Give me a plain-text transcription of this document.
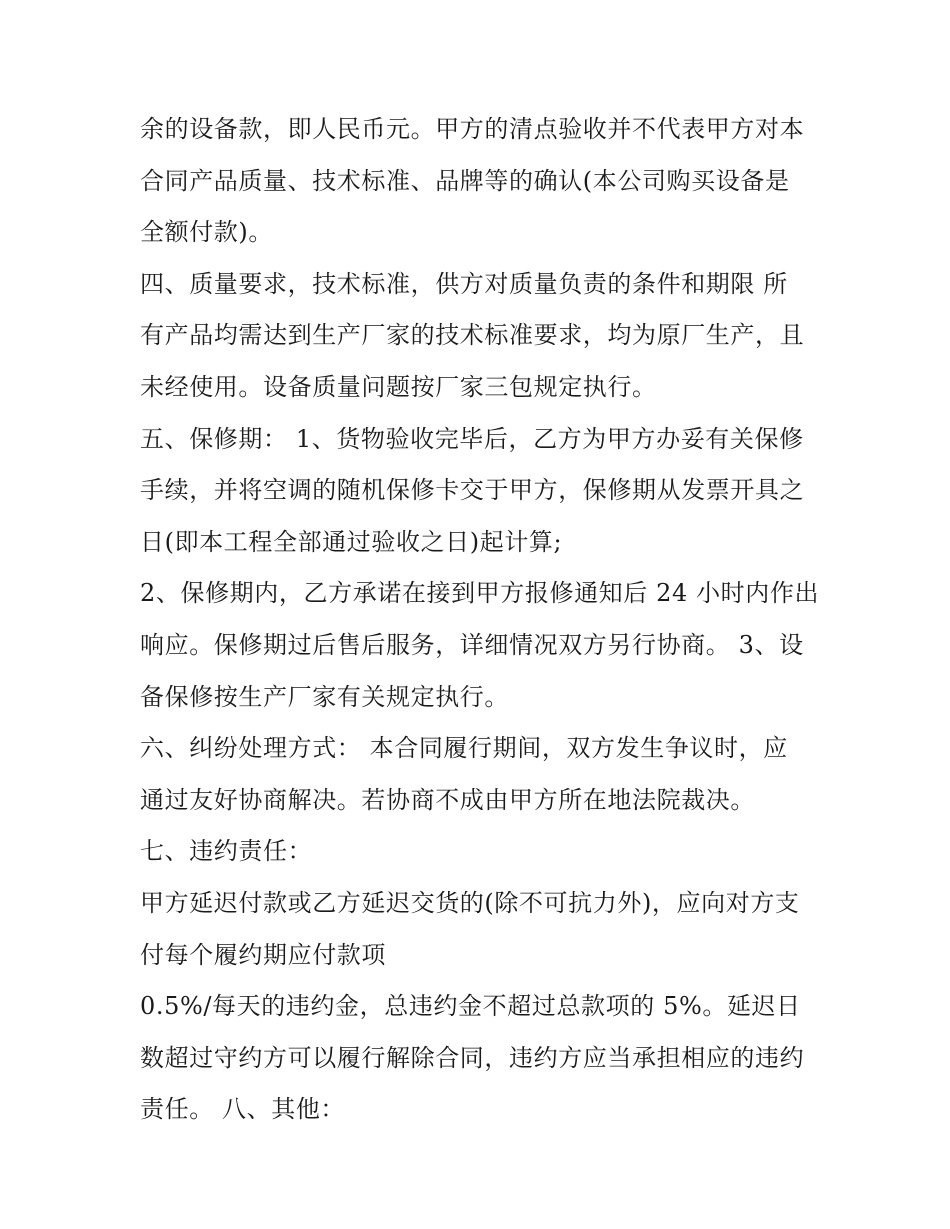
余的设备款，即人民币元。甲方的清点验收并不代表甲方对本
合同产品质量、技术标准、品牌等的确认(本公司购买设备是
全额付款)。
四、质量要求，技术标准，供方对质量负责的条件和期限 所
有产品均需达到生产厂家的技术标准要求，均为原厂生产，且
未经使用。设备质量问题按厂家三包规定执行。
五、保修期： 1、货物验收完毕后，乙方为甲方办妥有关保修
手续，并将空调的随机保修卡交于甲方，保修期从发票开具之
日(即本工程全部通过验收之日)起计算;
2、保修期内，乙方承诺在接到甲方报修通知后 24 小时内作出
响应。保修期过后售后服务，详细情况双方另行协商。 3、设
备保修按生产厂家有关规定执行。
六、纠纷处理方式： 本合同履行期间，双方发生争议时，应
通过友好协商解决。若协商不成由甲方所在地法院裁决。
七、违约责任：
甲方延迟付款或乙方延迟交货的(除不可抗力外)，应向对方支
付每个履约期应付款项
0.5%/每天的违约金，总违约金不超过总款项的 5%。延迟日
数超过守约方可以履行解除合同，违约方应当承担相应的违约
责任。 八、其他：
